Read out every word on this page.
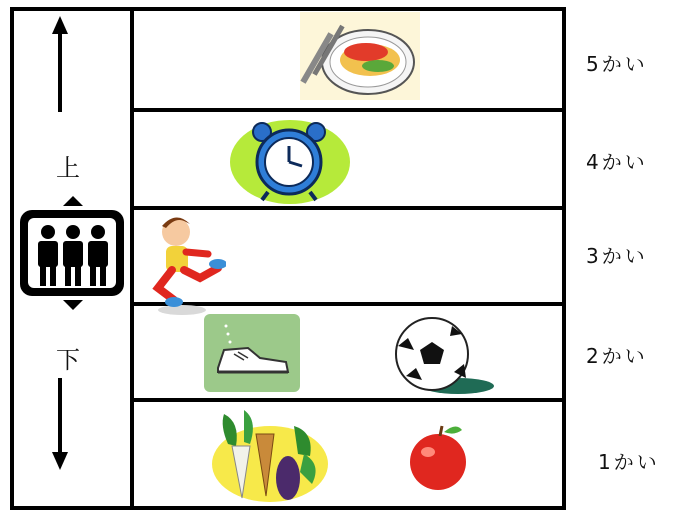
上
下
5かい
4かい
3かい
2かい
1かい
